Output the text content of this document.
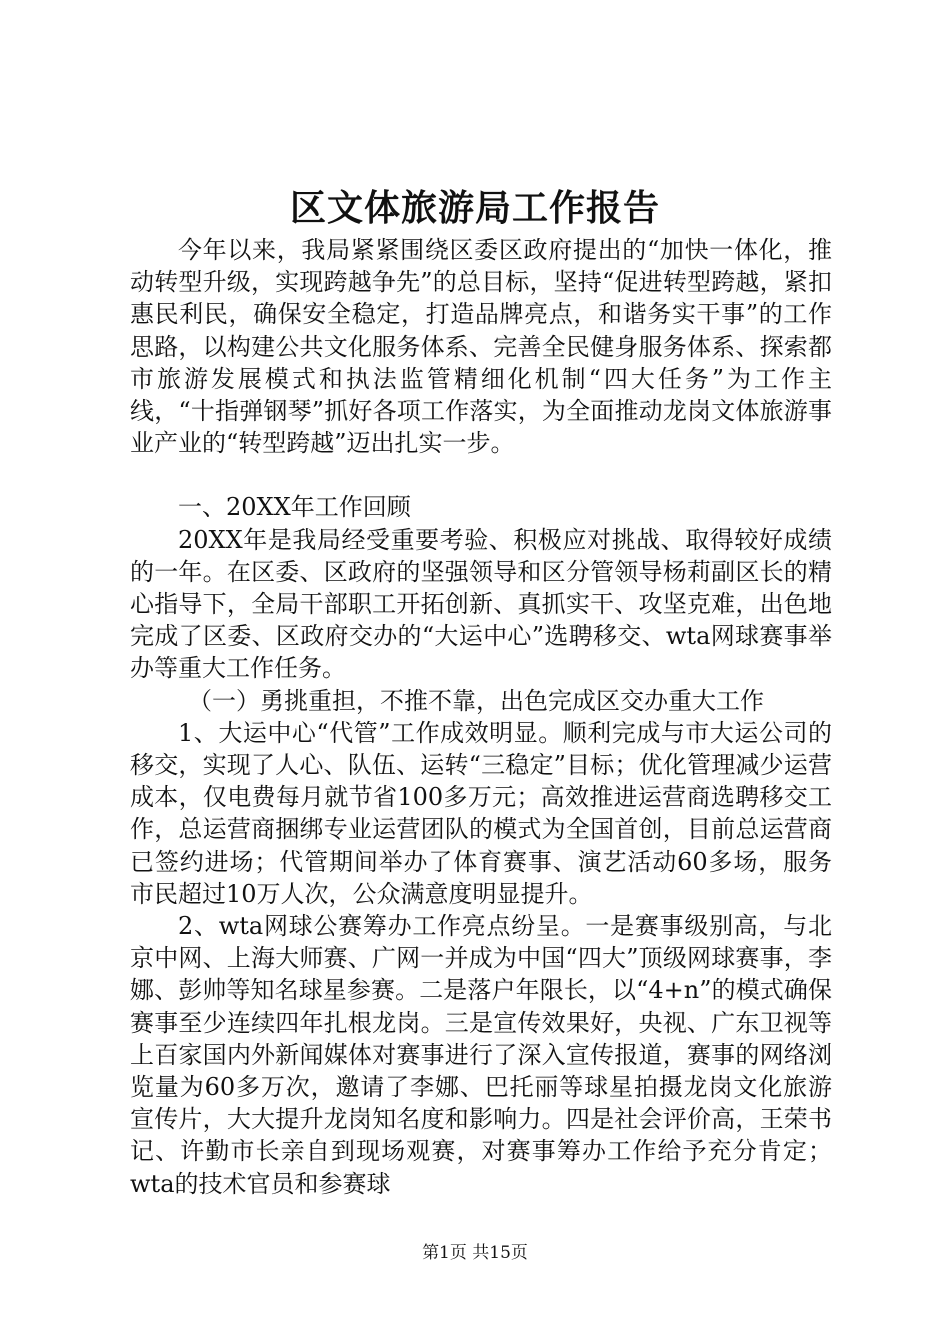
区文体旅游局工作报告

今年以来，我局紧紧围绕区委区政府提出的“加快一体化，推动转型升级，实现跨越争先”的总目标，坚持“促进转型跨越，紧扣惠民利民，确保安全稳定，打造品牌亮点，和谐务实干事”的工作思路，以构建公共文化服务体系、完善全民健身服务体系、探索都市旅游发展模式和执法监管精细化机制“四大任务”为工作主线，“十指弹钢琴”抓好各项工作落实，为全面推动龙岗文体旅游事业产业的“转型跨越”迈出扎实一步。

一、20XX年工作回顾

20XX年是我局经受重要考验、积极应对挑战、取得较好成绩的一年。在区委、区政府的坚强领导和区分管领导杨莉副区长的精心指导下，全局干部职工开拓创新、真抓实干、攻坚克难，出色地完成了区委、区政府交办的“大运中心”选聘移交、wta网球赛事举办等重大工作任务。

（一）勇挑重担，不推不靠，出色完成区交办重大工作

1、大运中心“代管”工作成效明显。顺利完成与市大运公司的移交，实现了人心、队伍、运转“三稳定”目标；优化管理减少运营成本，仅电费每月就节省100多万元；高效推进运营商选聘移交工作，总运营商捆绑专业运营团队的模式为全国首创，目前总运营商已签约进场；代管期间举办了体育赛事、演艺活动60多场，服务市民超过10万人次，公众满意度明显提升。

2、wta网球公赛筹办工作亮点纷呈。一是赛事级别高，与北京中网、上海大师赛、广网一并成为中国“四大”顶级网球赛事，李娜、彭帅等知名球星参赛。二是落户年限长，以“4+n”的模式确保赛事至少连续四年扎根龙岗。三是宣传效果好，央视、广东卫视等上百家国内外新闻媒体对赛事进行了深入宣传报道，赛事的网络浏览量为60多万次，邀请了李娜、巴托丽等球星拍摄龙岗文化旅游宣传片，大大提升龙岗知名度和影响力。四是社会评价高，王荣书记、许勤市长亲自到现场观赛，对赛事筹办工作给予充分肯定；wta的技术官员和参赛球

第1页 共15页
